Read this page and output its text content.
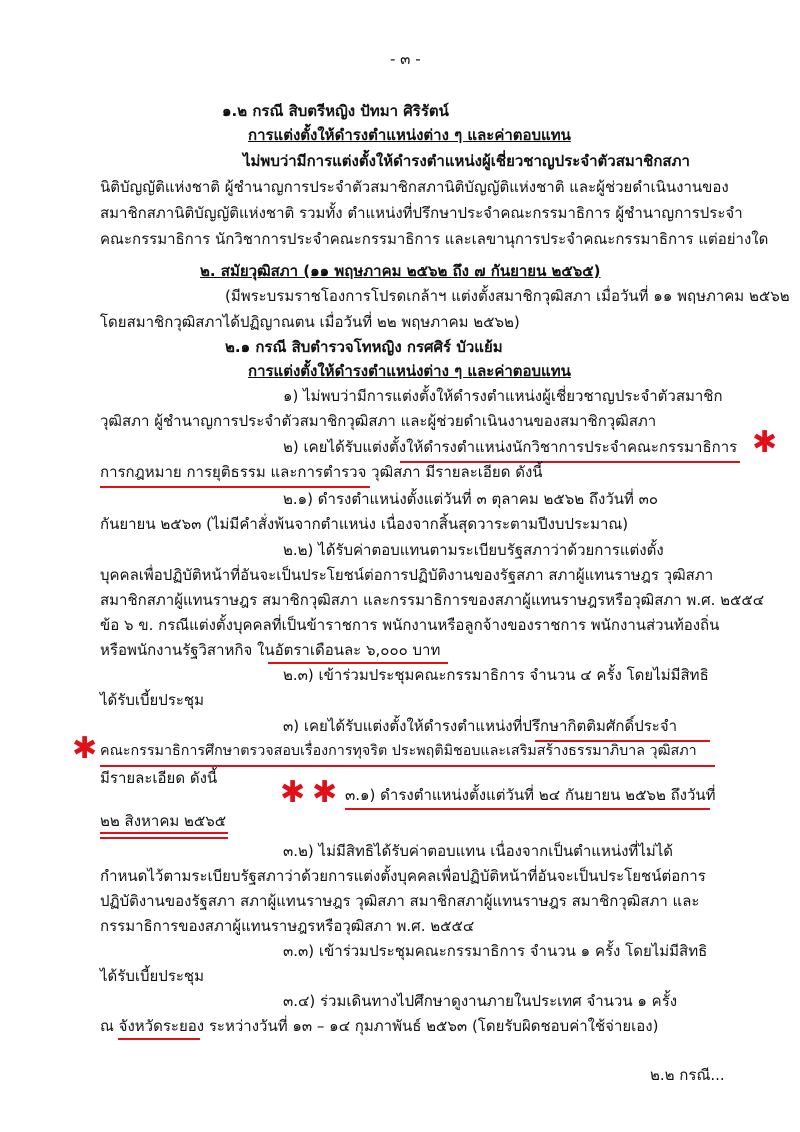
- ๓ -
๑.๒ กรณี สิบตรีหญิง ปัทมา ศิริรัตน์
การแต่งตั้งให้ดำรงตำแหน่งต่าง ๆ และค่าตอบแทน
ไม่พบว่ามีการแต่งตั้งให้ดำรงตำแหน่งผู้เชี่ยวชาญประจำตัวสมาชิกสภา
นิติบัญญัติแห่งชาติ ผู้ชำนาญการประจำตัวสมาชิกสภานิติบัญญัติแห่งชาติ และผู้ช่วยดำเนินงานของ
สมาชิกสภานิติบัญญัติแห่งชาติ รวมทั้ง ตำแหน่งที่ปรึกษาประจำคณะกรรมาธิการ ผู้ชำนาญการประจำ
คณะกรรมาธิการ นักวิชาการประจำคณะกรรมาธิการ และเลขานุการประจำคณะกรรมาธิการ แต่อย่างใด
๒. สมัยวุฒิสภา (๑๑ พฤษภาคม ๒๕๖๒ ถึง ๗ กันยายน ๒๕๖๕)
(มีพระบรมราชโองการโปรดเกล้าฯ แต่งตั้งสมาชิกวุฒิสภา เมื่อวันที่ ๑๑ พฤษภาคม ๒๕๖๒
โดยสมาชิกวุฒิสภาได้ปฏิญาณตน เมื่อวันที่ ๒๒ พฤษภาคม ๒๕๖๒)
๒.๑ กรณี สิบตำรวจโทหญิง กรศศิร์ บัวแย้ม
การแต่งตั้งให้ดำรงตำแหน่งต่าง ๆ และค่าตอบแทน
๑) ไม่พบว่ามีการแต่งตั้งให้ดำรงตำแหน่งผู้เชี่ยวชาญประจำตัวสมาชิก
วุฒิสภา ผู้ชำนาญการประจำตัวสมาชิกวุฒิสภา และผู้ช่วยดำเนินงานของสมาชิกวุฒิสภา
๒) เคยได้รับแต่งตั้งให้ดำรงตำแหน่งนักวิชาการประจำคณะกรรมาธิการ ✱
การกฎหมาย การยุติธรรม และการตำรวจ วุฒิสภา มีรายละเอียด ดังนี้
๒.๑) ดำรงตำแหน่งตั้งแต่วันที่ ๓ ตุลาคม ๒๕๖๒ ถึงวันที่ ๓๐
กันยายน ๒๕๖๓ (ไม่มีคำสั่งพ้นจากตำแหน่ง เนื่องจากสิ้นสุดวาระตามปีงบประมาณ)
๒.๒) ได้รับค่าตอบแทนตามระเบียบรัฐสภาว่าด้วยการแต่งตั้ง
บุคคลเพื่อปฏิบัติหน้าที่อันจะเป็นประโยชน์ต่อการปฏิบัติงานของรัฐสภา สภาผู้แทนราษฎร วุฒิสภา
สมาชิกสภาผู้แทนราษฎร สมาชิกวุฒิสภา และกรรมาธิการของสภาผู้แทนราษฎรหรือวุฒิสภา พ.ศ. ๒๕๕๔
ข้อ ๖ ข. กรณีแต่งตั้งบุคคลที่เป็นข้าราชการ พนักงานหรือลูกจ้างของราชการ พนักงานส่วนท้องถิ่น
หรือพนักงานรัฐวิสาหกิจ ในอัตราเดือนละ ๖,๐๐๐ บาท
๒.๓) เข้าร่วมประชุมคณะกรรมาธิการ จำนวน ๔ ครั้ง โดยไม่มีสิทธิ
ได้รับเบี้ยประชุม
๓) เคยได้รับแต่งตั้งให้ดำรงตำแหน่งที่ปรึกษากิตติมศักดิ์ประจำ
✱ คณะกรรมาธิการศึกษาตรวจสอบเรื่องการทุจริต ประพฤติมิชอบและเสริมสร้างธรรมาภิบาล วุฒิสภา
มีรายละเอียด ดังนี้ ✱ ✱ ๓.๑) ดำรงตำแหน่งตั้งแต่วันที่ ๒๔ กันยายน ๒๕๖๒ ถึงวันที่
๒๒ สิงหาคม ๒๕๖๕
๓.๒) ไม่มีสิทธิได้รับค่าตอบแทน เนื่องจากเป็นตำแหน่งที่ไม่ได้
กำหนดไว้ตามระเบียบรัฐสภาว่าด้วยการแต่งตั้งบุคคลเพื่อปฏิบัติหน้าที่อันจะเป็นประโยชน์ต่อการ
ปฏิบัติงานของรัฐสภา สภาผู้แทนราษฎร วุฒิสภา สมาชิกสภาผู้แทนราษฎร สมาชิกวุฒิสภา และ
กรรมาธิการของสภาผู้แทนราษฎรหรือวุฒิสภา พ.ศ. ๒๕๕๔
๓.๓) เข้าร่วมประชุมคณะกรรมาธิการ จำนวน ๑ ครั้ง โดยไม่มีสิทธิ
ได้รับเบี้ยประชุม
๓.๔) ร่วมเดินทางไปศึกษาดูงานภายในประเทศ จำนวน ๑ ครั้ง
ณ จังหวัดระยอง ระหว่างวันที่ ๑๓ – ๑๔ กุมภาพันธ์ ๒๕๖๓ (โดยรับผิดชอบค่าใช้จ่ายเอง)
๒.๒ กรณี...
